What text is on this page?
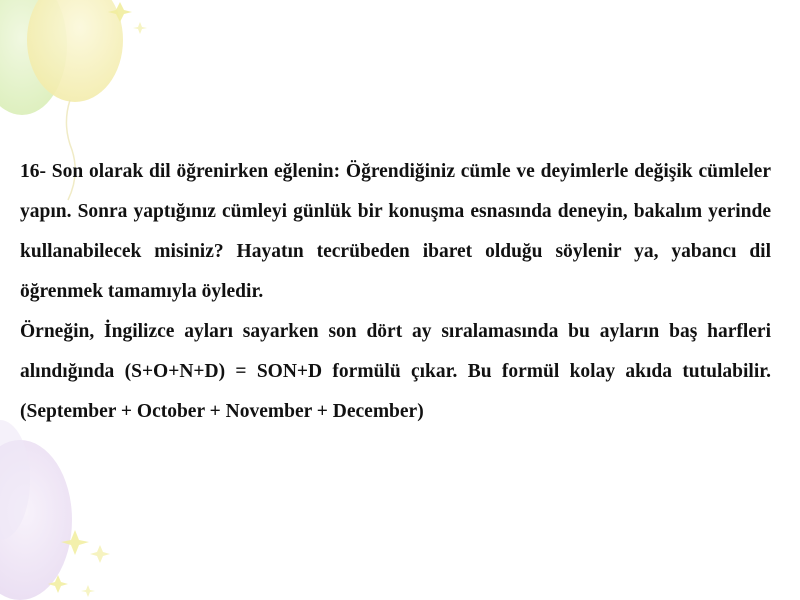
16- Son olarak dil öğrenirken eğlenin: Öğrendiğiniz cümle ve deyimlerle değişik cümleler yapın. Sonra yaptığınız cümleyi günlük bir konuşma esnasında deneyin, bakalım yerinde kullanabilecek misiniz? Hayatın tecrübeden ibaret olduğu söylenir ya, yabancı dil öğrenmek tamamıyla öyledir.

Örneğin, İngilizce ayları sayarken son dört ay sıralamasında bu ayların baş harfleri alındığında (S+O+N+D) = SON+D formülü çıkar. Bu formül kolay akıda tutulabilir. (September + October + November + December)
